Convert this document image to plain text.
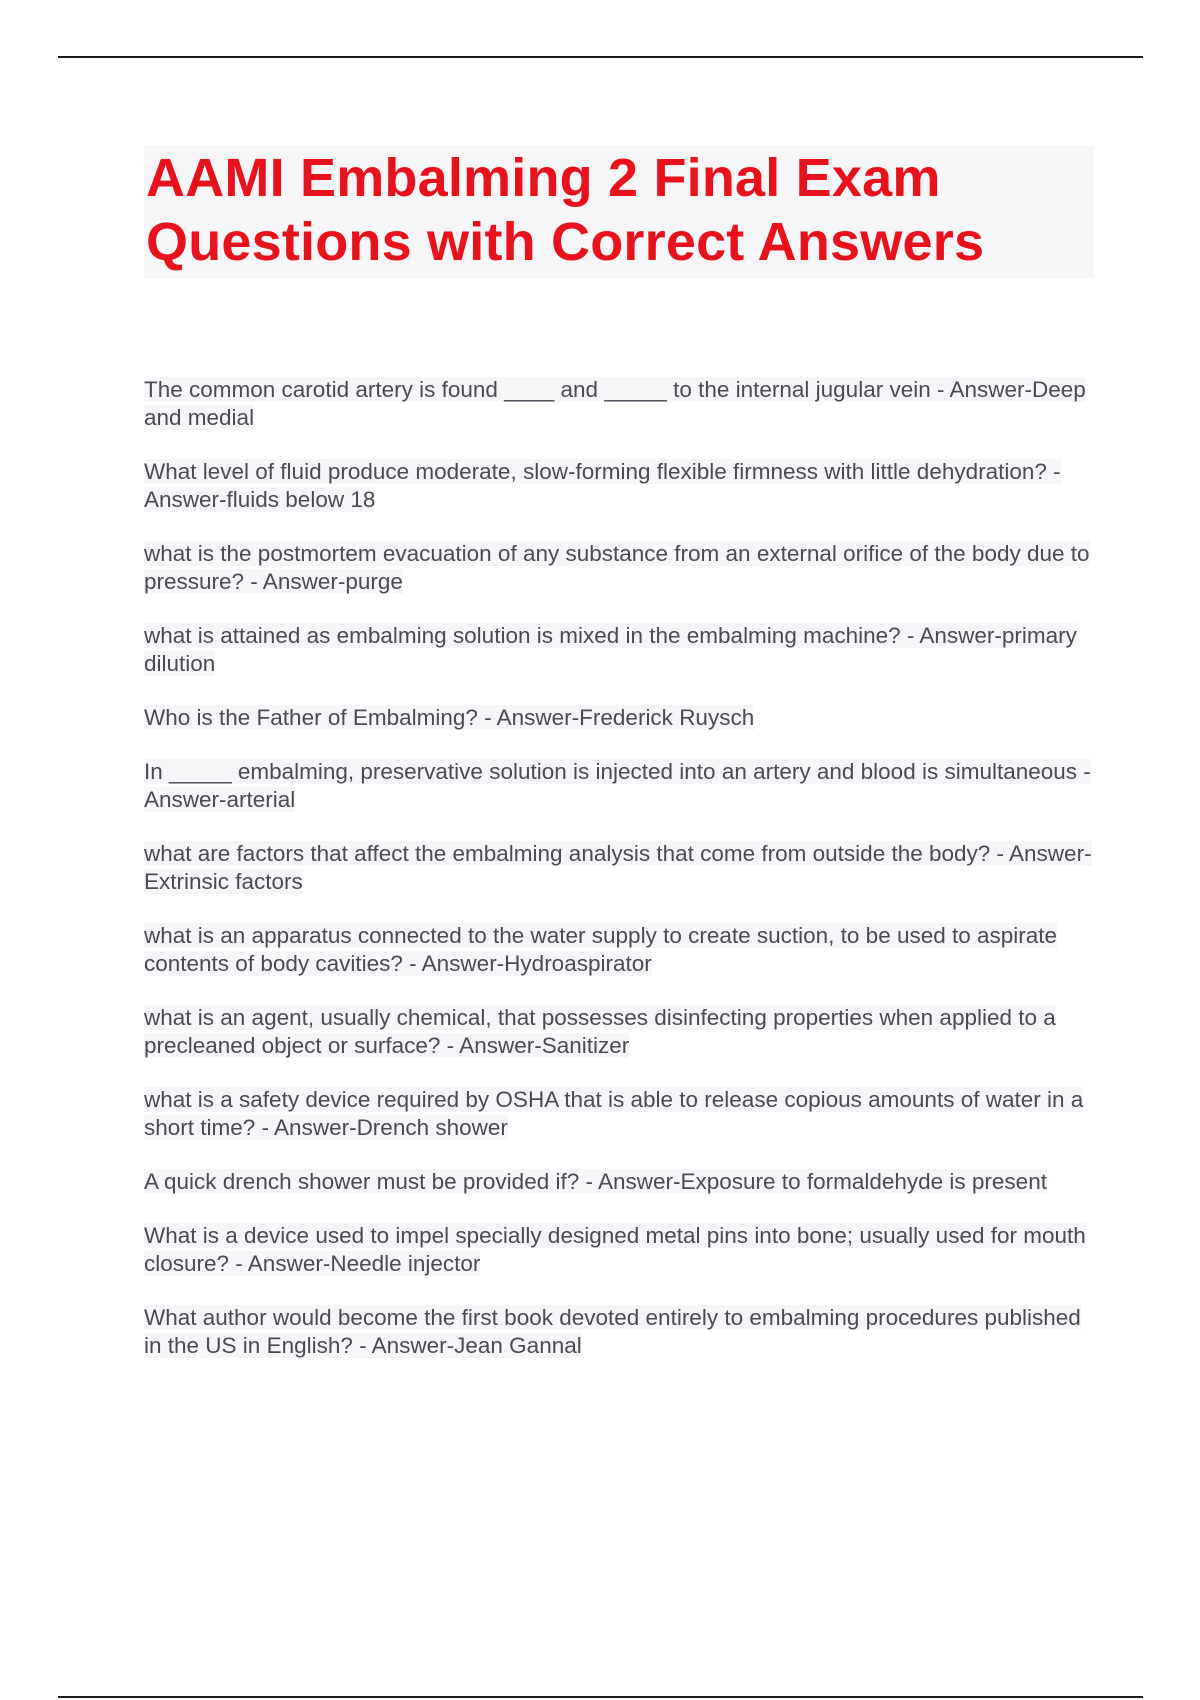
AAMI Embalming 2 Final Exam
Questions with Correct Answers
The common carotid artery is found ____ and _____ to the internal jugular vein - Answer-Deep and medial
What level of fluid produce moderate, slow-forming flexible firmness with little dehydration? - Answer-fluids below 18
what is the postmortem evacuation of any substance from an external orifice of the body due to pressure? - Answer-purge
what is attained as embalming solution is mixed in the embalming machine? - Answer-primary dilution
Who is the Father of Embalming? - Answer-Frederick Ruysch
In _____ embalming, preservative solution is injected into an artery and blood is simultaneous - Answer-arterial
what are factors that affect the embalming analysis that come from outside the body? - Answer-Extrinsic factors
what is an apparatus connected to the water supply to create suction, to be used to aspirate contents of body cavities? - Answer-Hydroaspirator
what is an agent, usually chemical, that possesses disinfecting properties when applied to a precleaned object or surface? - Answer-Sanitizer
what is a safety device required by OSHA that is able to release copious amounts of water in a short time? - Answer-Drench shower
A quick drench shower must be provided if? - Answer-Exposure to formaldehyde is present
What is a device used to impel specially designed metal pins into bone; usually used for mouth closure? - Answer-Needle injector
What author would become the first book devoted entirely to embalming procedures published in the US in English? - Answer-Jean Gannal
